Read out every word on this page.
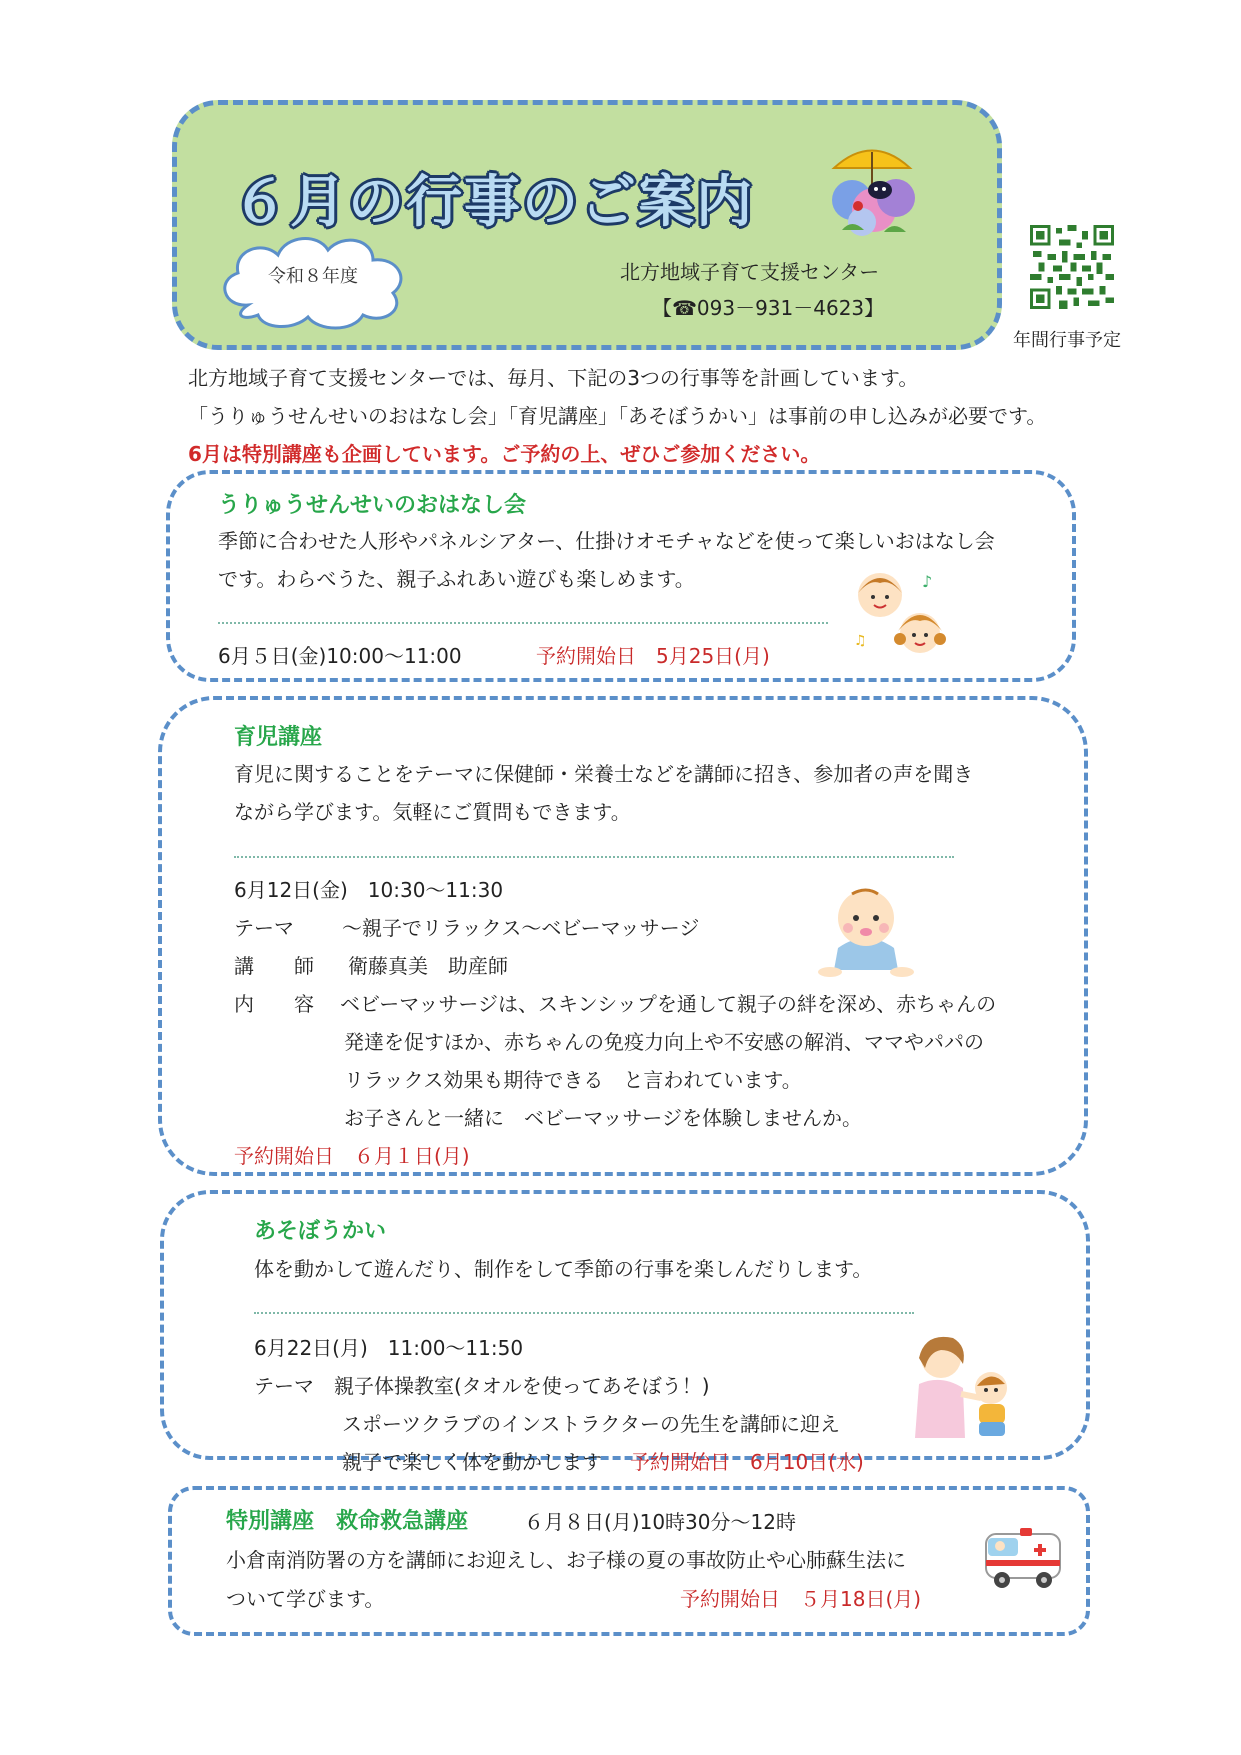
６月の行事のご案内
令和８年度	北方地域子育て支援センター
【☎093－931－4623】
年間行事予定
北方地域子育て支援センターでは、毎月、下記の3つの行事等を計画しています。
「うりゅうせんせいのおはなし会」「育児講座」「あそぼうかい」は事前の申し込みが必要です。
6月は特別講座も企画しています。ご予約の上、ぜひご参加ください。
うりゅうせんせいのおはなし会
季節に合わせた人形やパネルシアター、仕掛けオモチャなどを使って楽しいおはなし会
です。わらべうた、親子ふれあい遊びも楽しめます。
6月５日(金)10:00～11:00	予約開始日　5月25日(月)
♪
♫
育児講座
育児に関することをテーマに保健師・栄養士などを講師に招き、参加者の声を聞き
ながら学びます。気軽にご質問もできます。
6月12日(金)　10:30～11:30
テーマ ～親子でリラックス～ベビーマッサージ
講　　師 衛藤真美　助産師
内　　容 ベビーマッサージは、スキンシップを通して親子の絆を深め、赤ちゃんの
発達を促すほか、赤ちゃんの免疫力向上や不安感の解消、ママやパパの
リラックス効果も期待できる　と言われています。
お子さんと一緒に　ベビーマッサージを体験しませんか。
予約開始日　６月１日(月)
あそぼうかい
体を動かして遊んだり、制作をして季節の行事を楽しんだりします。
6月22日(月)　11:00～11:50
テーマ　親子体操教室(タオルを使ってあそぼう！)
スポーツクラブのインストラクターの先生を講師に迎え
親子で楽しく体を動かします 予約開始日　6月10日(水)
特別講座　救命救急講座	６月８日(月)10時30分～12時
小倉南消防署の方を講師にお迎えし、お子様の夏の事故防止や心肺蘇生法に
ついて学びます。	予約開始日　５月18日(月)
